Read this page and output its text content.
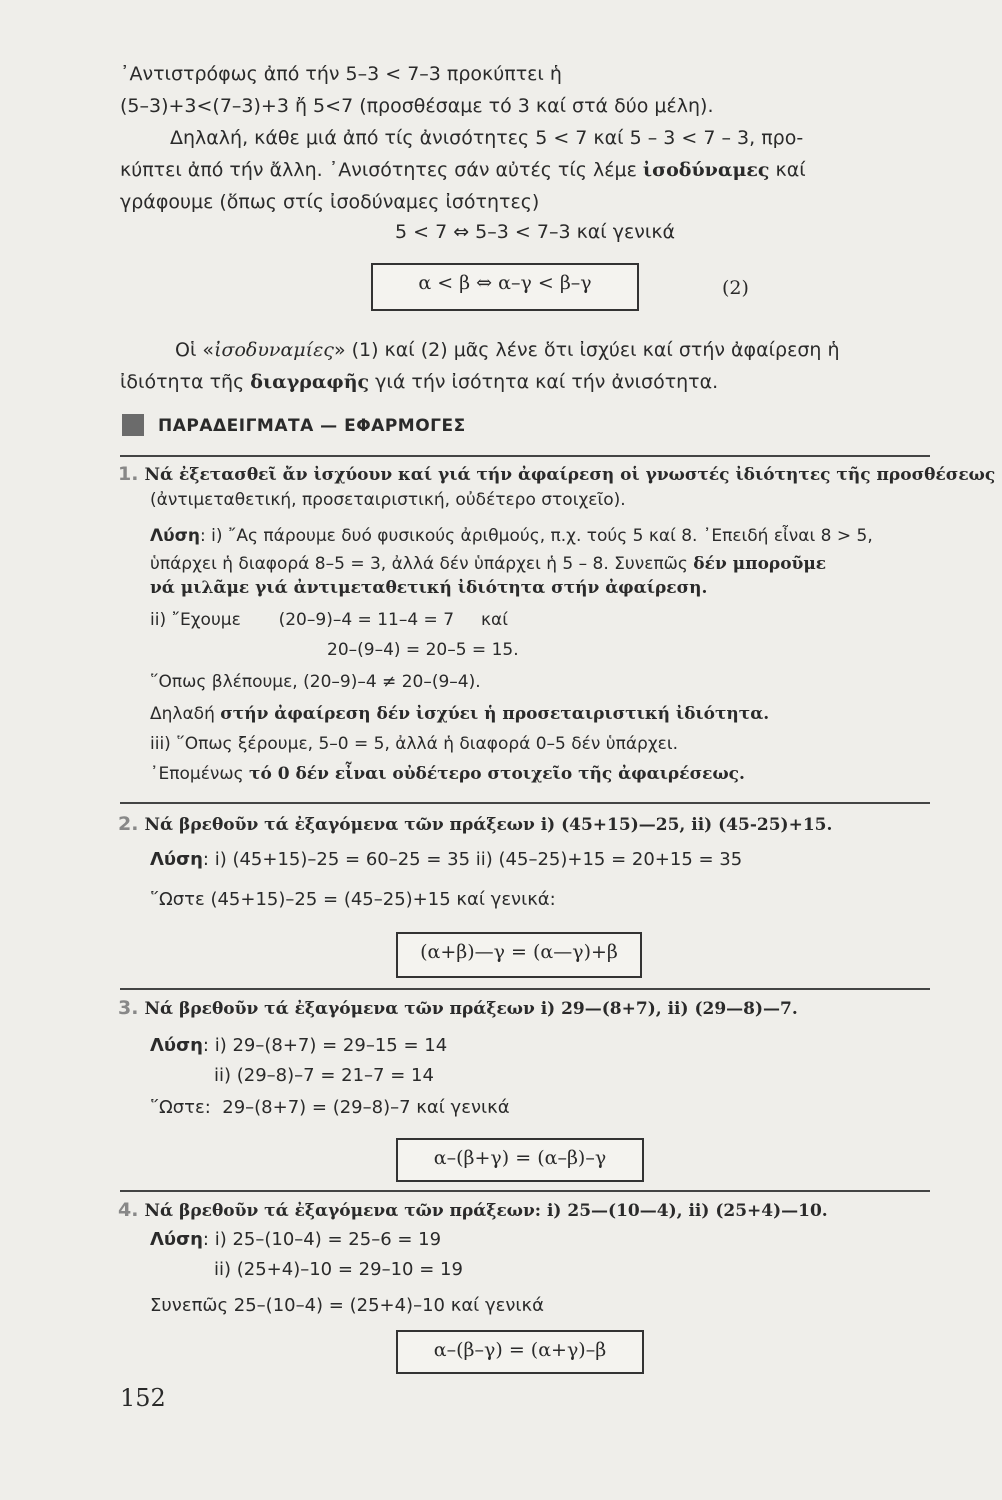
᾿Αντιστρόφως ἀπό τήν 5–3 < 7–3 προκύπτει ἡ
(5–3)+3<(7–3)+3 ἤ 5<7 (προσθέσαμε τό 3 καί στά δύο μέλη).
Δηλαλή, κάθε μιά ἀπό τίς ἀνισότητες 5 < 7 καί 5 – 3 < 7 – 3, προ-
κύπτει ἀπό τήν ἄλλη. ᾿Ανισότητες σάν αὐτές τίς λέμε ἰσοδύναμες καί
γράφουμε (ὅπως στίς ἰσοδύναμες ἰσότητες)
5 < 7 ⇔ 5–3 < 7–3 καί γενικά
α < β ⇔ α–γ < β–γ	(2)
Οἱ «ἰσοδυναμίες» (1) καί (2) μᾶς λένε ὅτι ἰσχύει καί στήν ἀφαίρεση ἡ
ἰδιότητα τῆς διαγραφῆς γιά τήν ἰσότητα καί τήν ἀνισότητα.
ΠΑΡΑΔΕΙΓΜΑΤΑ — ΕΦΑΡΜΟΓΕΣ
1. Νά ἐξετασθεῖ ἄν ἰσχύουν καί γιά τήν ἀφαίρεση οἱ γνωστές ἰδιότητες τῆς προσθέσεως
(ἀντιμεταθετική, προσεταιριστική, οὐδέτερο στοιχεῖο).
Λύση: i) ῎Ας πάρουμε δυό φυσικούς ἀριθμούς, π.χ. τούς 5 καί 8. ᾿Επειδή εἶναι 8 > 5,
ὑπάρχει ἡ διαφορά 8–5 = 3, ἀλλά δέν ὑπάρχει ἡ 5 – 8. Συνεπῶς δέν μποροῦμε
νά μιλᾶμε γιά ἀντιμεταθετική ἰδιότητα στήν ἀφαίρεση.
ii) ῎Εχουμε       (20–9)–4 = 11–4 = 7     καί
20–(9–4) = 20–5 = 15.
῞Οπως βλέπουμε, (20–9)–4 ≠ 20–(9–4).
Δηλαδή στήν ἀφαίρεση δέν ἰσχύει ἡ προσεταιριστική ἰδιότητα.
iii) ῞Οπως ξέρουμε, 5–0 = 5, ἀλλά ἡ διαφορά 0–5 δέν ὑπάρχει.
᾿Επομένως τό 0 δέν εἶναι οὐδέτερο στοιχεῖο τῆς ἀφαιρέσεως.
2. Νά βρεθοῦν τά ἐξαγόμενα τῶν πράξεων i) (45+15)—25, ii) (45-25)+15.
Λύση: i) (45+15)–25 = 60–25 = 35 ii) (45–25)+15 = 20+15 = 35
῞Ωστε (45+15)–25 = (45–25)+15 καί γενικά:
(α+β)—γ = (α—γ)+β
3. Νά βρεθοῦν τά ἐξαγόμενα τῶν πράξεων i) 29—(8+7), ii) (29—8)—7.
Λύση: i) 29–(8+7) = 29–15 = 14
ii) (29–8)–7 = 21–7 = 14
῞Ωστε:  29–(8+7) = (29–8)–7 καί γενικά
α–(β+γ) = (α–β)–γ
4. Νά βρεθοῦν τά ἐξαγόμενα τῶν πράξεων: i) 25—(10—4), ii) (25+4)—10.
Λύση: i) 25–(10–4) = 25–6 = 19
ii) (25+4)–10 = 29–10 = 19
Συνεπῶς 25–(10–4) = (25+4)–10 καί γενικά
α–(β–γ) = (α+γ)–β
152
